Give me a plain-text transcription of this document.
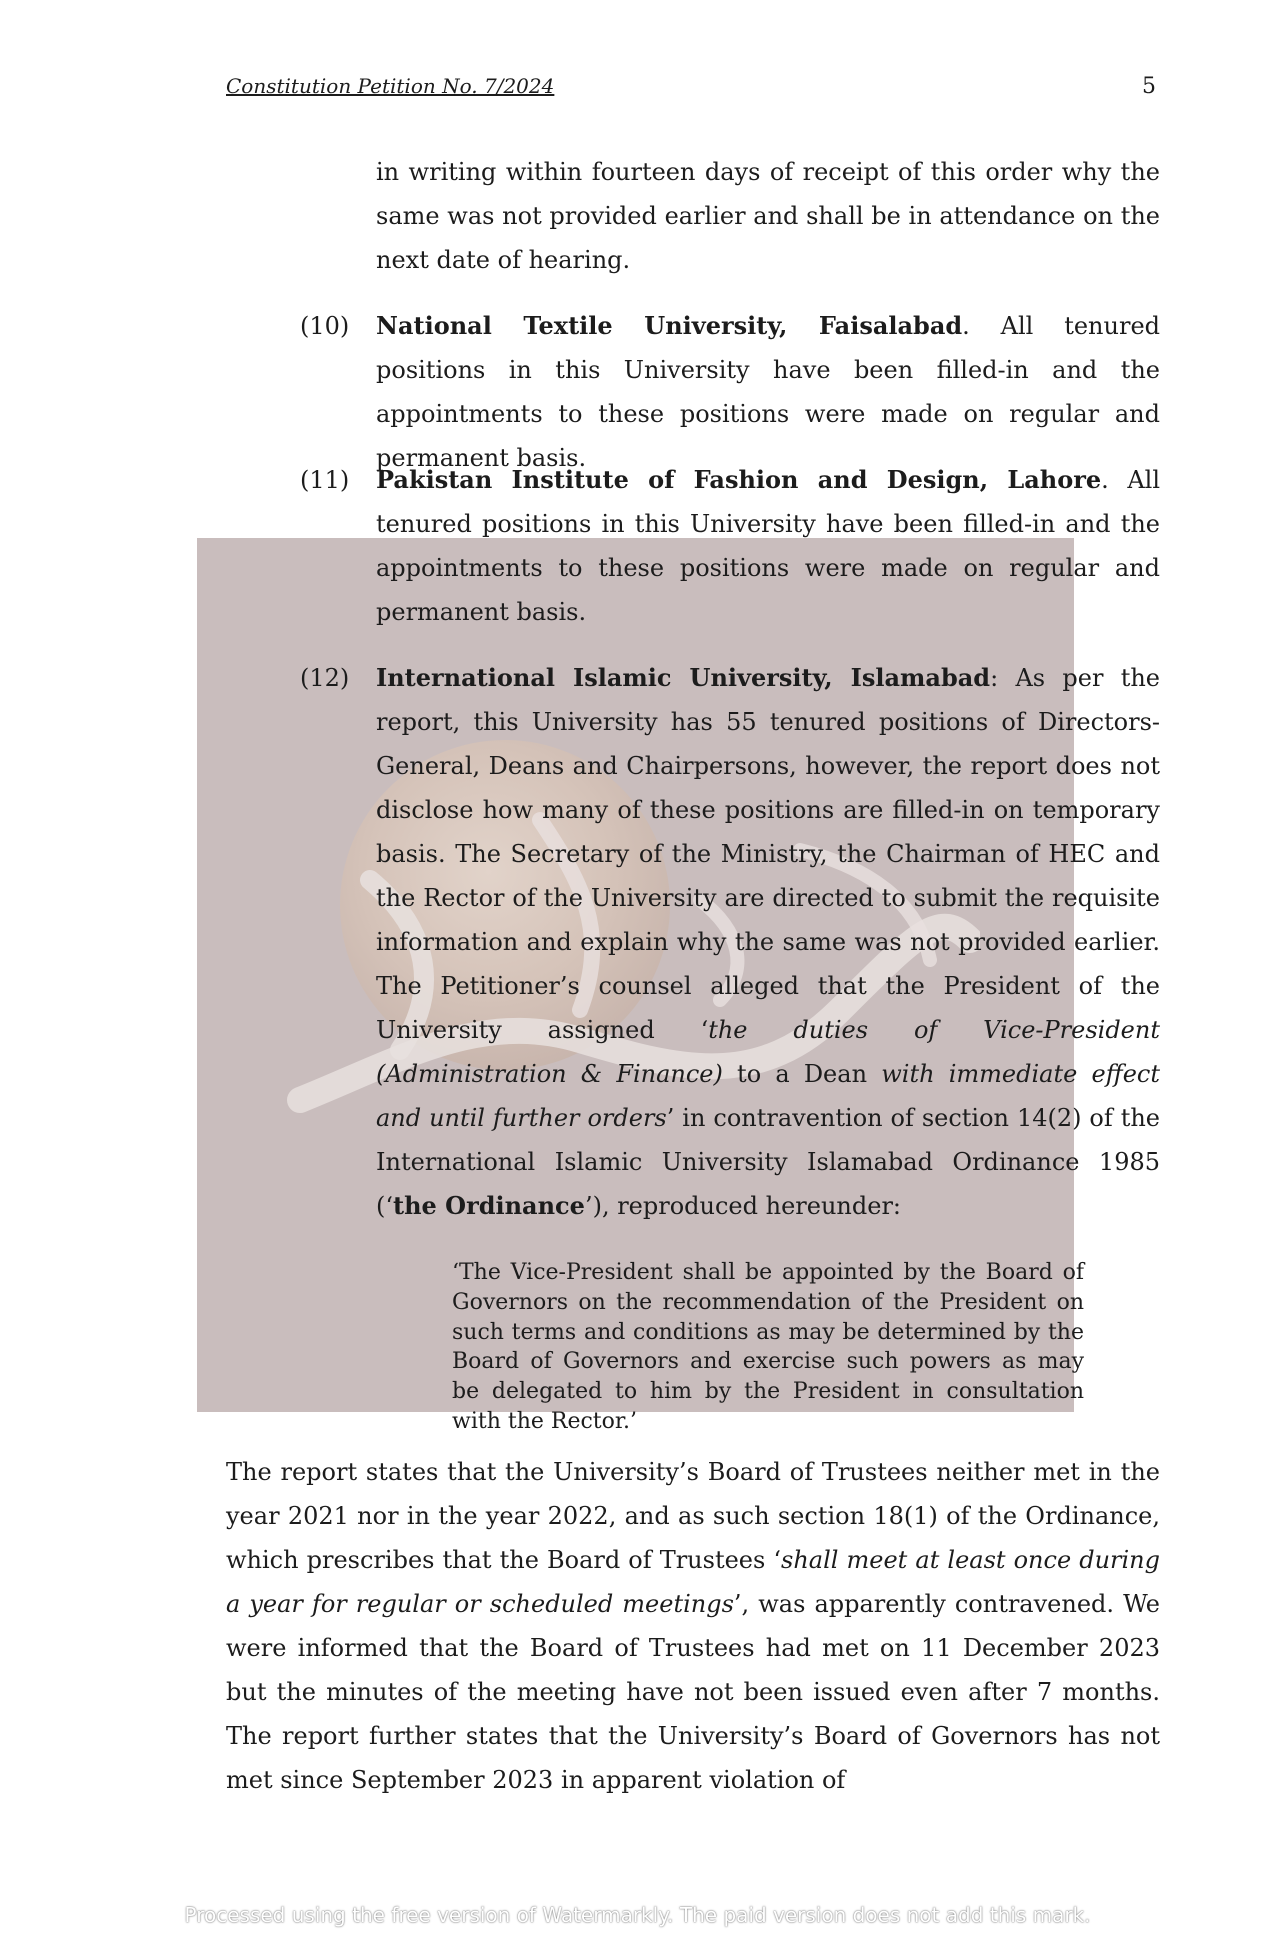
Constitution Petition No. 7/2024	5
in writing within fourteen days of receipt of this order why the same was not provided earlier and shall be in attendance on the next date of hearing.
(10) National Textile University, Faisalabad. All tenured positions in this University have been filled-in and the appointments to these positions were made on regular and permanent basis.
(11) Pakistan Institute of Fashion and Design, Lahore. All tenured positions in this University have been filled-in and the appointments to these positions were made on regular and permanent basis.
(12) International Islamic University, Islamabad: As per the report, this University has 55 tenured positions of Directors-General, Deans and Chairpersons, however, the report does not disclose how many of these positions are filled-in on temporary basis. The Secretary of the Ministry, the Chairman of HEC and the Rector of the University are directed to submit the requisite information and explain why the same was not provided earlier. The Petitioner’s counsel alleged that the President of the University assigned ‘the duties of Vice-President (Administration & Finance) to a Dean with immediate effect and until further orders’ in contravention of section 14(2) of the International Islamic University Islamabad Ordinance 1985 (‘the Ordinance’), reproduced hereunder:
‘The Vice-President shall be appointed by the Board of Governors on the recommendation of the President on such terms and conditions as may be determined by the Board of Governors and exercise such powers as may be delegated to him by the President in consultation with the Rector.’
The report states that the University’s Board of Trustees neither met in the year 2021 nor in the year 2022, and as such section 18(1) of the Ordinance, which prescribes that the Board of Trustees ‘shall meet at least once during a year for regular or scheduled meetings’, was apparently contravened. We were informed that the Board of Trustees had met on 11 December 2023 but the minutes of the meeting have not been issued even after 7 months. The report further states that the University’s Board of Governors has not met since September 2023 in apparent violation of
Processed using the free version of Watermarkly. The paid version does not add this mark.
